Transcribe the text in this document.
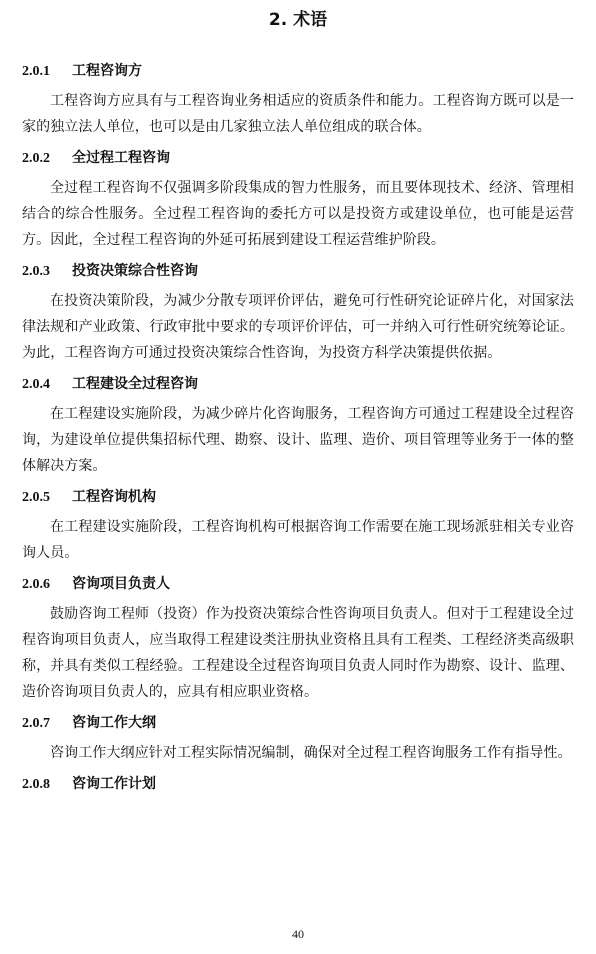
2. 术语
2.0.1	工程咨询方

工程咨询方应具有与工程咨询业务相适应的资质条件和能力。工程咨询方既可以是一家的独立法人单位，也可以是由几家独立法人单位组成的联合体。

2.0.2	全过程工程咨询

全过程工程咨询不仅强调多阶段集成的智力性服务，而且要体现技术、经济、管理相结合的综合性服务。全过程工程咨询的委托方可以是投资方或建设单位，也可能是运营方。因此，全过程工程咨询的外延可拓展到建设工程运营维护阶段。

2.0.3	投资决策综合性咨询

在投资决策阶段，为减少分散专项评价评估，避免可行性研究论证碎片化，对国家法律法规和产业政策、行政审批中要求的专项评价评估，可一并纳入可行性研究统筹论证。为此，工程咨询方可通过投资决策综合性咨询，为投资方科学决策提供依据。

2.0.4	工程建设全过程咨询

在工程建设实施阶段，为减少碎片化咨询服务，工程咨询方可通过工程建设全过程咨询，为建设单位提供集招标代理、勘察、设计、监理、造价、项目管理等业务于一体的整体解决方案。

2.0.5	工程咨询机构

在工程建设实施阶段，工程咨询机构可根据咨询工作需要在施工现场派驻相关专业咨询人员。

2.0.6	咨询项目负责人

鼓励咨询工程师（投资）作为投资决策综合性咨询项目负责人。但对于工程建设全过程咨询项目负责人，应当取得工程建设类注册执业资格且具有工程类、工程经济类高级职称，并具有类似工程经验。工程建设全过程咨询项目负责人同时作为勘察、设计、监理、造价咨询项目负责人的，应具有相应职业资格。

2.0.7	咨询工作大纲

咨询工作大纲应针对工程实际情况编制，确保对全过程工程咨询服务工作有指导性。

2.0.8	咨询工作计划
40
